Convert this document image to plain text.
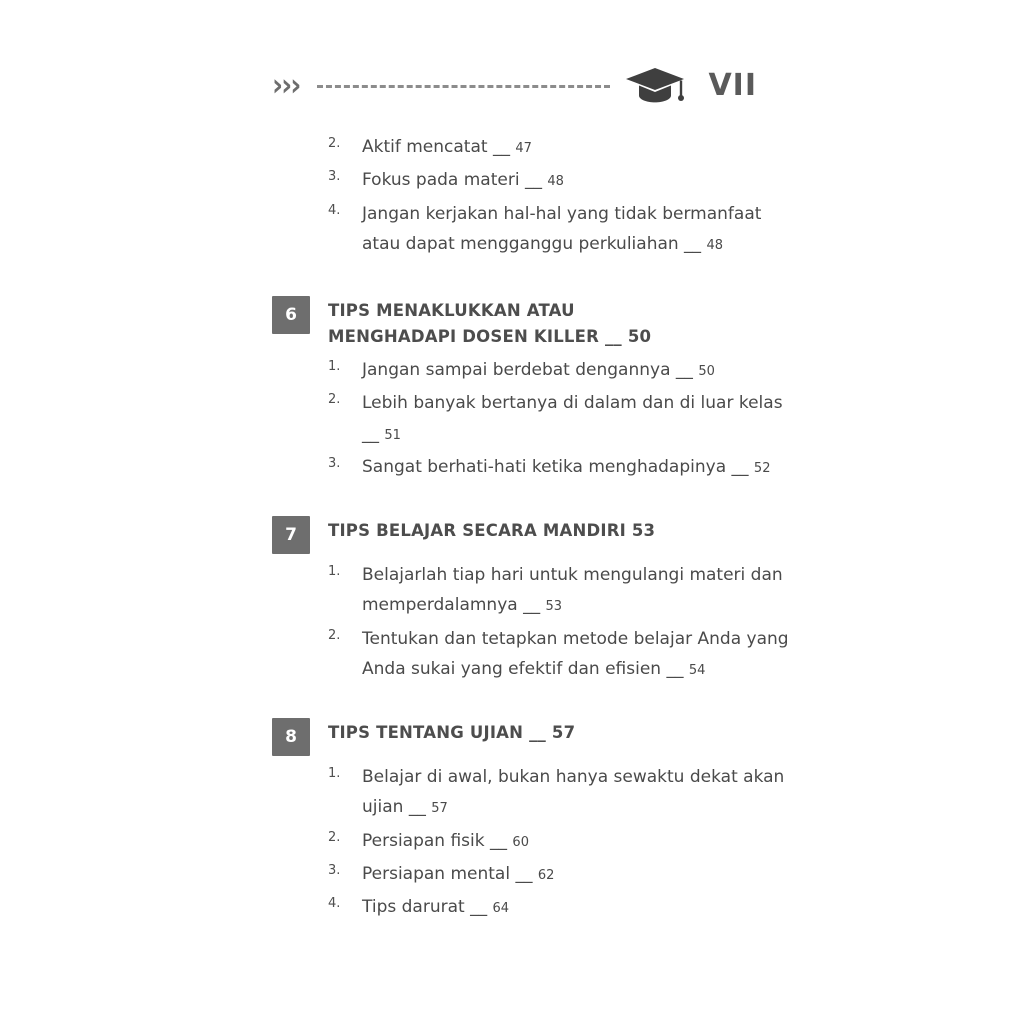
›››	VII
2.	Aktif mencatat __ 47
3.	Fokus pada materi __ 48
4.	Jangan kerjakan hal-hal yang tidak bermanfaat atau dapat mengganggu perkuliahan __ 48
6	TIPS MENAKLUKKAN ATAU
MENGHADAPI DOSEN KILLER __ 50
1.	Jangan sampai berdebat dengannya __ 50
2.	Lebih banyak bertanya di dalam dan di luar kelas __ 51
3.	Sangat berhati-hati ketika menghadapinya __ 52
7	TIPS BELAJAR SECARA MANDIRI 53
1.	Belajarlah tiap hari untuk mengulangi materi dan memperdalamnya __ 53
2.	Tentukan dan tetapkan metode belajar Anda yang Anda sukai yang efektif dan efisien __ 54
8	TIPS TENTANG UJIAN __ 57
1.	Belajar di awal, bukan hanya sewaktu dekat akan ujian __ 57
2.	Persiapan fisik __ 60
3.	Persiapan mental __ 62
4.	Tips darurat __ 64
